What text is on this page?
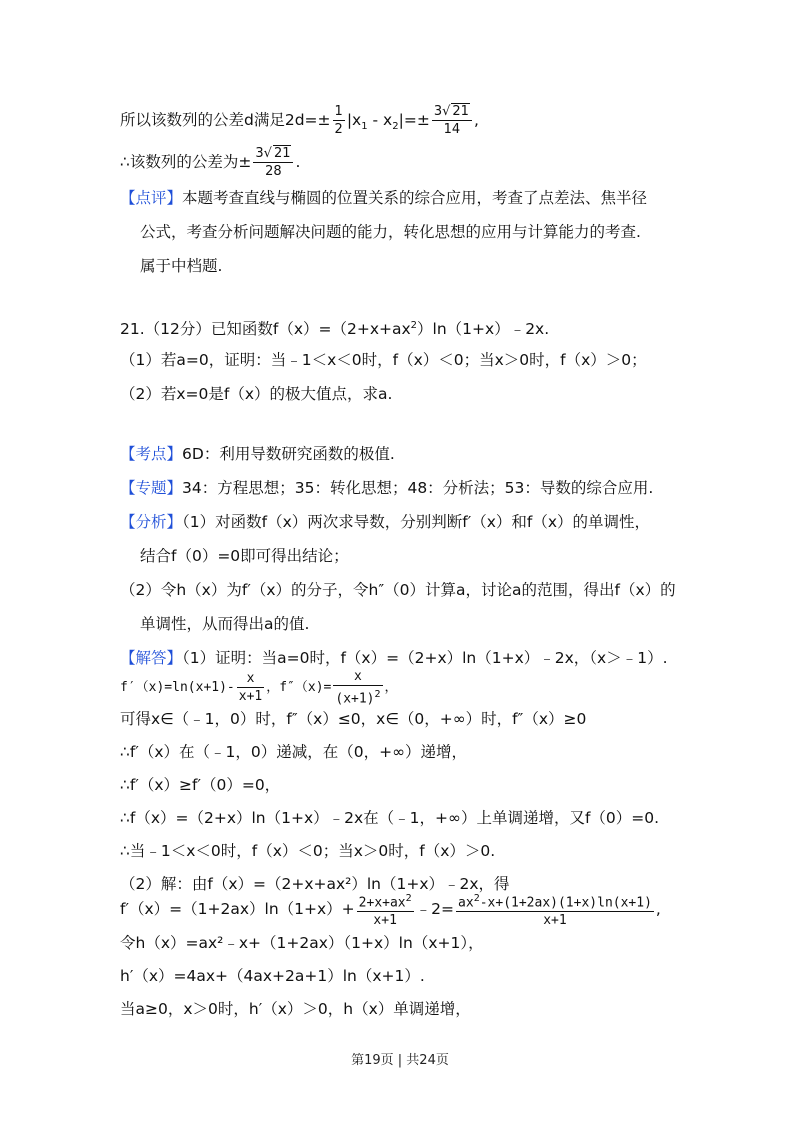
所以该数列的公差d满足$2d=\pm \frac{1}{2} |x_1 - x_2|=\pm \frac{3√ 21}{14}$ ,
∴该数列的公差为± $\frac{3√ 21}{28}$ .
【点评】本题考查直线与椭圆的位置关系的综合应用，考查了点差法、焦半径
公式，考查分析问题解决问题的能力，转化思想的应用与计算能力的考查.
属于中档题.
21.（12分）已知函数$f(x)=(2+x+ax^2)\ln(1+x)﹣2x$.
（1）若a=0，证明：当﹣1＜x＜0时，f（x）＜0；当x＞0时，f（x）＞0；
（2）若x=0是f（x）的极大值点，求a.
【考点】6D：利用导数研究函数的极值.
【专题】34：方程思想；35：转化思想；48：分析法；53：导数的综合应用.
【分析】（1）对函数f（x）两次求导数，分别判断f′（x）和f（x）的单调性，
结合f（0）=0即可得出结论；
（2）令h（x）为f′（x）的分子，令h″（0）计算a，讨论a的范围，得出f（x）的
单调性，从而得出a的值.
【解答】（1）证明：当a=0时，f（x）=（2+x）ln（1+x）﹣2x，（x＞﹣1）.
$f'(x)=\ln(x+1)- \frac{x}{x+1}$ ，$f''(x)= \frac{x}{(x+1)^2}$ ，
可得x∈（﹣1，0）时，f″（x）≤0，x∈（0，+∞）时，f″（x）≥0
∴f′（x）在（﹣1，0）递减，在（0，+∞）递增，
∴f′（x）≥f′（0）=0，
∴f（x）=（2+x）ln（1+x）﹣2x在（﹣1，+∞）上单调递增，又f（0）=0.
∴当﹣1＜x＜0时，f（x）＜0；当x＞0时，f（x）＞0.
（2）解：由f（x）=（2+x+ax²）ln（1+x）﹣2x，得
$f'(x)=(1+2ax)\ln(1+x)+ \frac{2+x+ax^2}{x+1}$ ﹣2= $\frac{ax^2-x+(1+2ax)(1+x)\ln(x+1)}{x+1}$ ,
令h（x）=ax²﹣x+（1+2ax）（1+x）ln（x+1），
h′（x）=4ax+（4ax+2a+1）ln（x+1）.
当a≥0，x＞0时，h′（x）＞0，h（x）单调递增，
第19页 | 共24页
